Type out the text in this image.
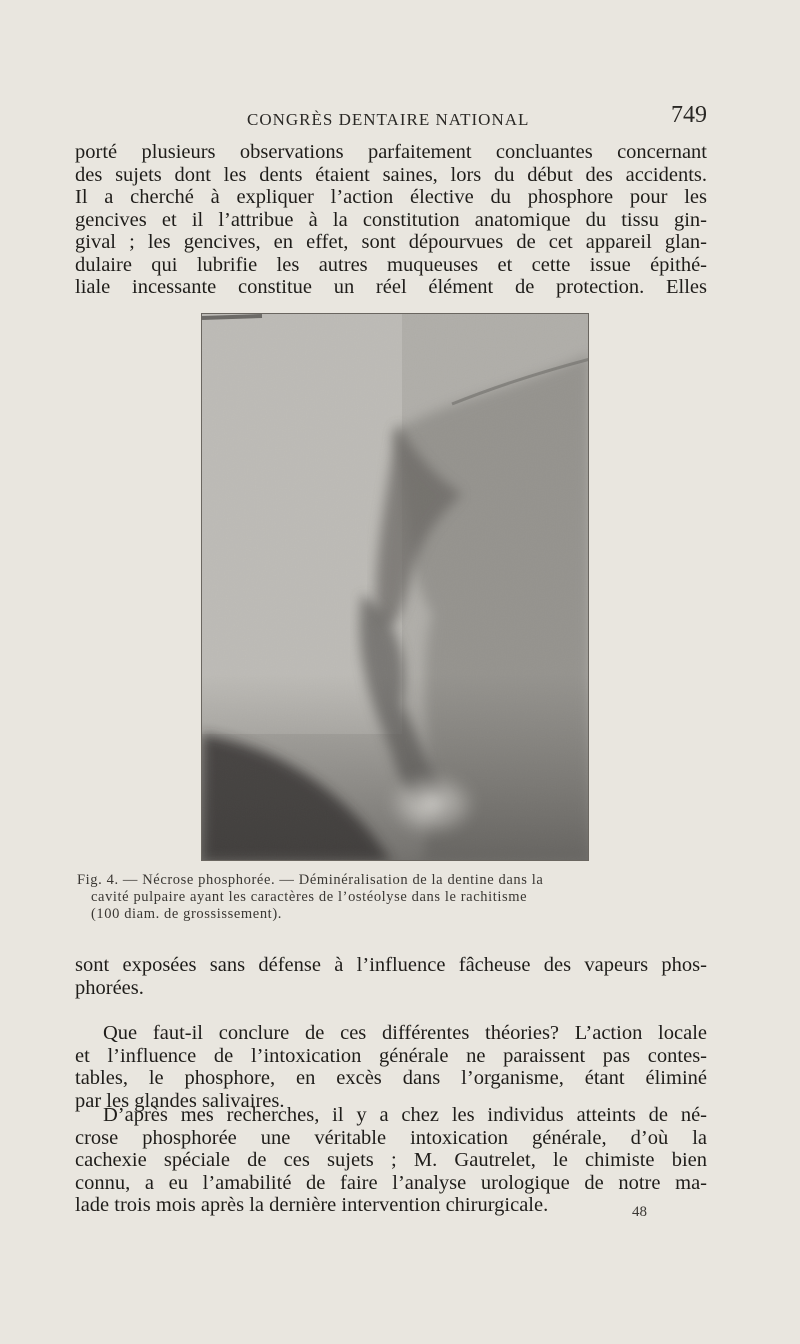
CONGRÈS DENTAIRE NATIONAL	749
porté plusieurs observations parfaitement concluantes concernant
des sujets dont les dents étaient saines, lors du début des accidents.
Il a cherché à expliquer l’action élective du phosphore pour les
gencives et il l’attribue à la constitution anatomique du tissu gin-
gival ; les gencives, en effet, sont dépourvues de cet appareil glan-
dulaire qui lubrifie les autres muqueuses et cette issue épithé-
liale incessante constitue un réel élément de protection. Elles
Fig. 4. — Nécrose phosphorée. — Déminéralisation de la dentine dans la
cavité pulpaire ayant les caractères de l’ostéolyse dans le rachitisme
(100 diam. de grossissement).
sont exposées sans défense à l’influence fâcheuse des vapeurs phos-
phorées.
Que faut-il conclure de ces différentes théories? L’action locale
et l’influence de l’intoxication générale ne paraissent pas contes-
tables, le phosphore, en excès dans l’organisme, étant éliminé
par les glandes salivaires.
D’après mes recherches, il y a chez les individus atteints de né-
crose phosphorée une véritable intoxication générale, d’où la
cachexie spéciale de ces sujets ; M. Gautrelet, le chimiste bien
connu, a eu l’amabilité de faire l’analyse urologique de notre ma-
lade trois mois après la dernière intervention chirurgicale.	48
